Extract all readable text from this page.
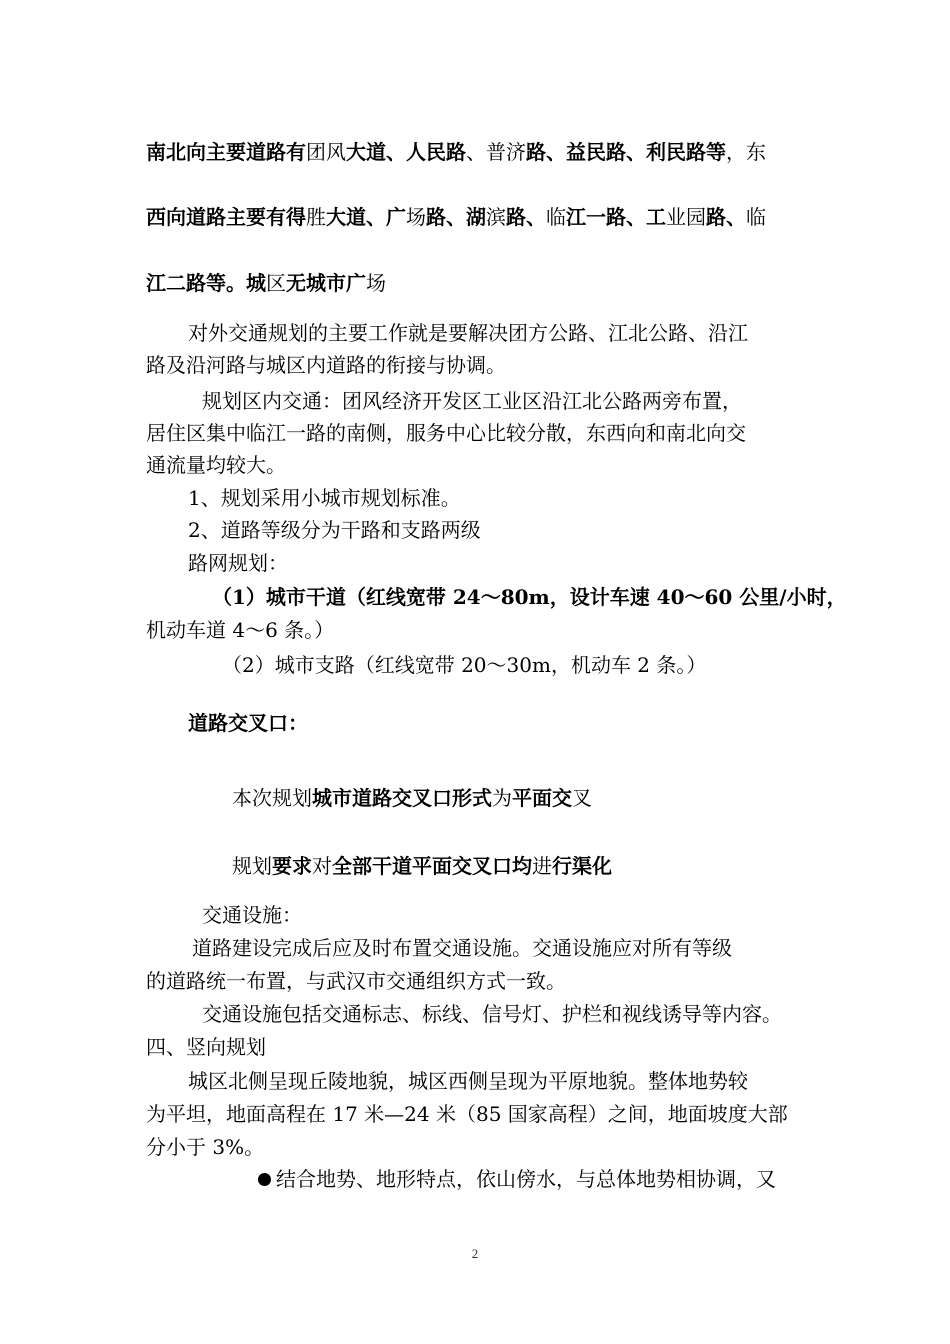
南北向主要道路有团风大道、人民路、普济路、益民路、利民路等，东
西向道路主要有得胜大道、广场路、湖滨路、临江一路、工业园路、临
江二路等。城区无城市广场
对外交通规划的主要工作就是要解决团方公路、江北公路、沿江
路及沿河路与城区内道路的衔接与协调。
规划区内交通：团风经济开发区工业区沿江北公路两旁布置，
居住区集中临江一路的南侧，服务中心比较分散，东西向和南北向交
通流量均较大。
1、规划采用小城市规划标准。
2、道路等级分为干路和支路两级
路网规划：
（1）城市干道（红线宽带 24～80m，设计车速 40～60 公里/小时，
机动车道 4～6 条。）
（2）城市支路（红线宽带 20～30m，机动车 2 条。）
道路交叉口：
本次规划城市道路交叉口形式为平面交叉
规划要求对全部干道平面交叉口均进行渠化
交通设施：
道路建设完成后应及时布置交通设施。交通设施应对所有等级
的道路统一布置，与武汉市交通组织方式一致。
交通设施包括交通标志、标线、信号灯、护栏和视线诱导等内容。
四、竖向规划
城区北侧呈现丘陵地貌，城区西侧呈现为平原地貌。整体地势较
为平坦，地面高程在 17 米—24 米（85 国家高程）之间，地面坡度大部
分小于 3%。
结合地势、地形特点，依山傍水，与总体地势相协调，又
2
